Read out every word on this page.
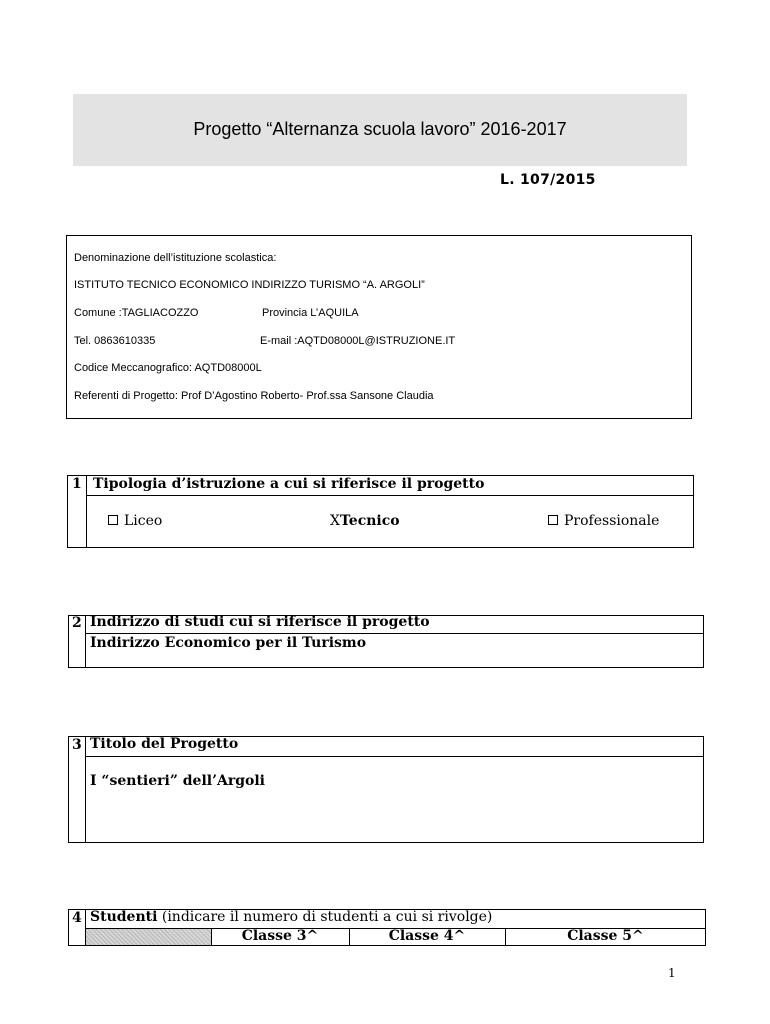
Progetto “Alternanza scuola lavoro” 2016-2017
L. 107/2015
Denominazione dell’istituzione scolastica:
ISTITUTO TECNICO ECONOMICO INDIRIZZO TURISMO “A. ARGOLI”
Comune :TAGLIACOZZO	Provincia L’AQUILA
Tel. 0863610335	E-mail :AQTD08000L@ISTRUZIONE.IT
Codice Meccanografico: AQTD08000L
Referenti di Progetto: Prof D’Agostino Roberto- Prof.ssa Sansone Claudia
1 Tipologia d’istruzione a cui si riferisce il progetto
Liceo	XTecnico	Professionale
2 Indirizzo di studi cui si riferisce il progetto
Indirizzo Economico per il Turismo
3 Titolo del Progetto
I “sentieri” dell’Argoli
4 Studenti (indicare il numero di studenti a cui si rivolge)
Classe 3^	Classe 4^	Classe 5^
1
